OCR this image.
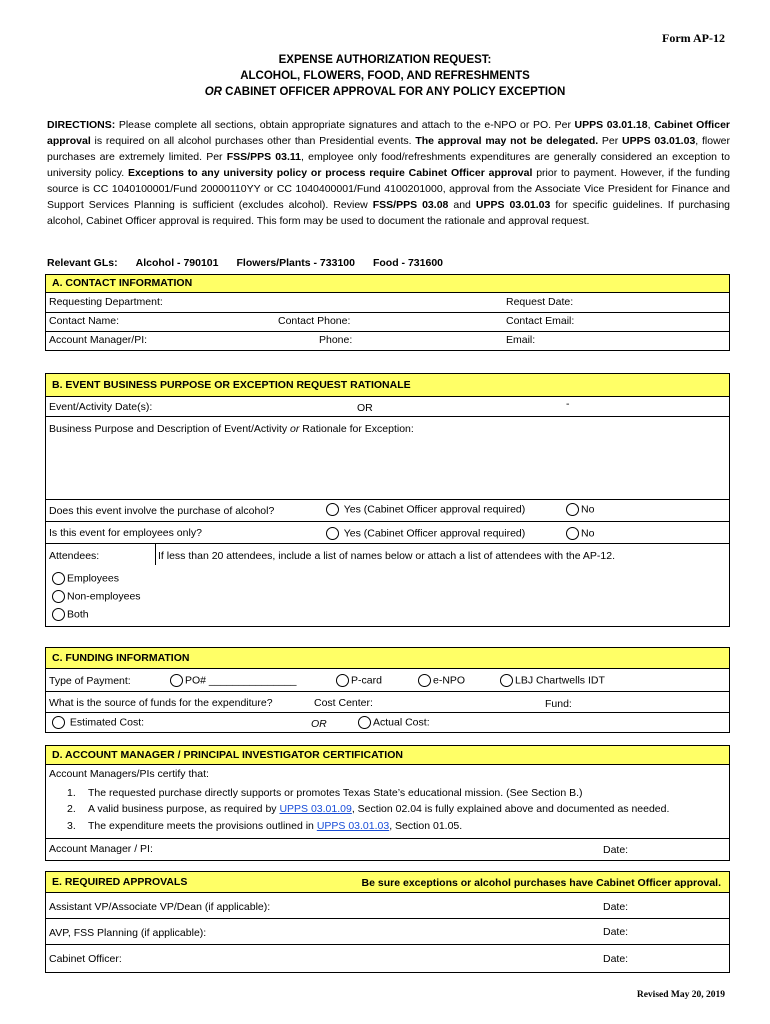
Form AP-12
EXPENSE AUTHORIZATION REQUEST:
ALCOHOL, FLOWERS, FOOD, AND REFRESHMENTS
OR CABINET OFFICER APPROVAL FOR ANY POLICY EXCEPTION
DIRECTIONS: Please complete all sections, obtain appropriate signatures and attach to the e-NPO or PO. Per UPPS 03.01.18, Cabinet Officer approval is required on all alcohol purchases other than Presidential events. The approval may not be delegated. Per UPPS 03.01.03, flower purchases are extremely limited. Per FSS/PPS 03.11, employee only food/refreshments expenditures are generally considered an exception to university policy. Exceptions to any university policy or process require Cabinet Officer approval prior to payment. However, if the funding source is CC 1040100001/Fund 20000110YY or CC 1040400001/Fund 4100201000, approval from the Associate Vice President for Finance and Support Services Planning is sufficient (excludes alcohol). Review FSS/PPS 03.08 and UPPS 03.01.03 for specific guidelines. If purchasing alcohol, Cabinet Officer approval is required. This form may be used to document the rationale and approval request.
Relevant GLs: Alcohol - 790101 Flowers/Plants - 733100 Food - 731600
A. CONTACT INFORMATION
Requesting Department:	Request Date:
Contact Name:	Contact Phone:	Contact Email:
Account Manager/PI:	Phone:	Email:
B. EVENT BUSINESS PURPOSE OR EXCEPTION REQUEST RATIONALE
Event/Activity Date(s):	OR	-
Business Purpose and Description of Event/Activity or Rationale for Exception:
Does this event involve the purchase of alcohol?	Yes (Cabinet Officer approval required)	No
Is this event for employees only?	Yes (Cabinet Officer approval required)	No
Attendees:	If less than 20 attendees, include a list of names below or attach a list of attendees with the AP-12.
Employees
Non-employees
Both
C. FUNDING INFORMATION
Type of Payment:	PO# _______________	P-card	e-NPO	LBJ Chartwells IDT
What is the source of funds for the expenditure?	Cost Center:	Fund:
Estimated Cost:	OR	Actual Cost:
D. ACCOUNT MANAGER / PRINCIPAL INVESTIGATOR CERTIFICATION
Account Managers/PIs certify that:
1. The requested purchase directly supports or promotes Texas State’s educational mission. (See Section B.)
2. A valid business purpose, as required by UPPS 03.01.09, Section 02.04 is fully explained above and documented as needed.
3. The expenditure meets the provisions outlined in UPPS 03.01.03, Section 01.05.
Account Manager / PI:	Date:
E. REQUIRED APPROVALS	Be sure exceptions or alcohol purchases have Cabinet Officer approval.
Assistant VP/Associate VP/Dean (if applicable):	Date:
AVP, FSS Planning (if applicable):	Date:
Cabinet Officer:	Date:
Revised May 20, 2019
